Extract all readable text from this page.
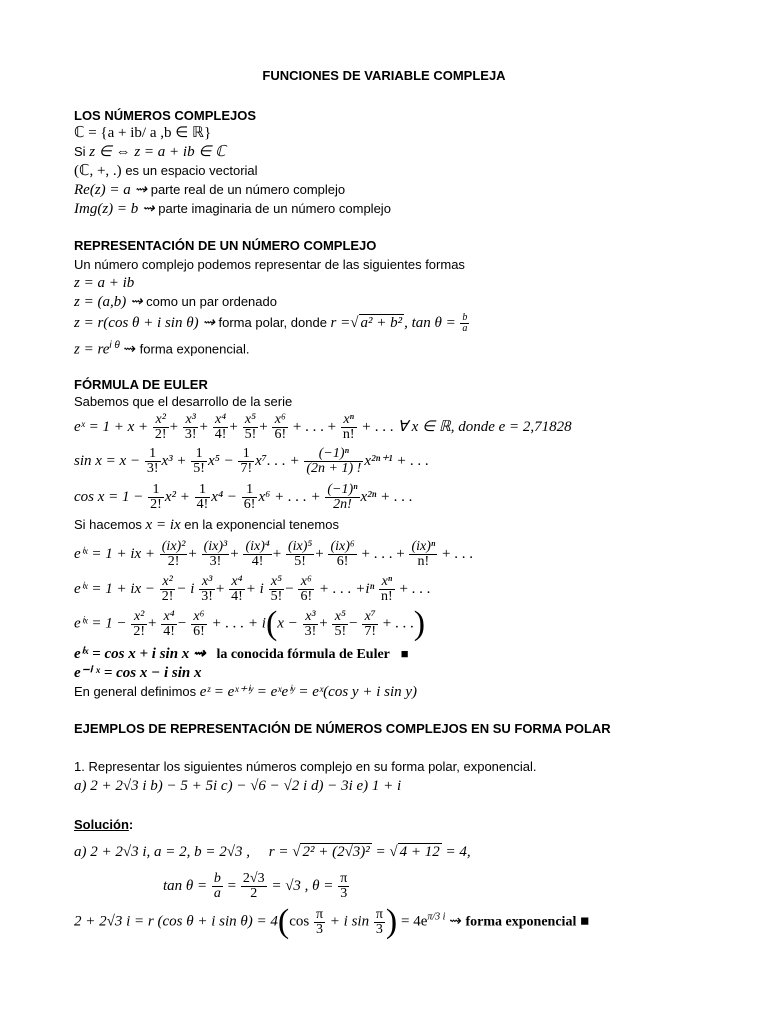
FUNCIONES DE VARIABLE COMPLEJA
LOS NÚMEROS COMPLEJOS
ℂ = {a + ib/ a ,b ∈ ℝ}
Si z ∈ ⇔ z = a + ib ∈ ℂ
(ℂ, +, .) es un espacio vectorial
Re(z) = a ⇝ parte real de un número complejo
Img(z) = b ⇝ parte imaginaria de un número complejo
REPRESENTACIÓN DE UN NÚMERO COMPLEJO
Un número complejo podemos representar de las siguientes formas
z = a + ib
z = (a,b) ⇝ como un par ordenado
z = r(cos θ + i sin θ) ⇝ forma polar, donde r =√ a² + b² , $\tan \theta = \frac{b}{a}$
$z = re^{i \theta}$ ⇝ forma exponencial.
FÓRMULA DE EULER
Sabemos que el desarrollo de la serie
eˣ = $1 + x + \frac{\text{x²}}{2!} + \frac{\text{x³}}{3!} + \frac{\text{x⁴}}{4!} + \frac{\text{x⁵}}{5!} + \frac{\text{x⁶}}{6!}$ + . . . + $\frac{\text{xⁿ}}{n!}$ + . . . ∀ x ∈ ℝ, donde e = 2,71828
$\sin x = x - \frac{1}{3!} x^3 + \frac{1}{5!} x^5 - \frac{1}{7!} x^7$. . . + $\frac{\text{(−1)ⁿ}}{(2n + 1) !} x^{2n+1}$ + . . .
$\cos x = 1 - \frac{1}{2!} x^2 + \frac{1}{4!} x^4 - \frac{1}{6!} x^6$ + . . . + $\frac{\text{(−1)ⁿ}}{2n!} x^{2n}$ + . . .
Si hacemos x = ix en la exponencial tenemos
eⁱˣ = 1 + ix + $\frac{\text{(ix)²}}{2!} + \frac{\text{(ix)³}}{3!} + \frac{\text{(ix)⁴}}{4!} + \frac{\text{(ix)⁵}}{5!} + \frac{\text{(ix)⁶}}{6!}$ + . . . + $\frac{\text{(ix)ⁿ}}{n!}$ + . . .
eⁱˣ = 1 + ix − $\frac{\text{x²}}{2!} - i \frac{\text{x³}}{3!} + \frac{\text{x⁴}}{4!} + i \frac{\text{x⁵}}{5!} - \frac{\text{x⁶}}{6!}$ + . . . $+i^n \frac{\text{xⁿ}}{n!}$ + . . .
eⁱˣ = $1 - \frac{\text{x²}}{2!} + \frac{\text{x⁴}}{4!} - \frac{\text{x⁶}}{6!}$ + . . . + $i(x - \frac{\text{x³}}{3!} + \frac{\text{x⁵}}{5!} - \frac{\text{x⁷}}{7!}$ + . . .)
eⁱˣ = cos x + i sin x ⇝ la conocida fórmula de Euler ■
e⁻ⁱ ˣ = cos x − i sin x
En general definimos eᶻ = eˣ⁺ⁱʸ = eˣeⁱʸ = eˣ(cos y + i sin y)
EJEMPLOS DE REPRESENTACIÓN DE NÚMEROS COMPLEJOS EN SU FORMA POLAR
1. Representar los siguientes números complejo en su forma polar, exponencial.
a) 2 + 2√3 i b) − 5 + 5i c) − √6 − √2 i d) − 3i e) 1 + i
Solución:
a) 2 + 2√3 i, a = 2, b = 2√3 , r = √ 2² + (2√3)² = √ 4 + 12 = 4,
$\tan \theta = \frac{b}{a} = \frac{2√3}{2} = √3$ , $\theta = \frac{\pi}{3}$
2 + 2√3 i = r (cos θ + i $\sin \theta) = 4(\cos \frac{\pi}{3} + i$ $\sin \frac{\pi}{3}$ ) = $4e^{\pi/3 i}$ ⇝ forma exponencial ■
